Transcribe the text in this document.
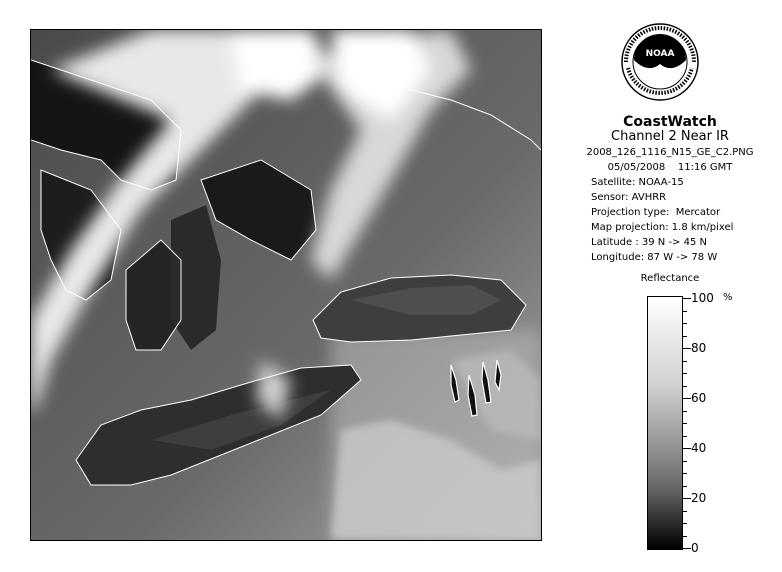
NOAA
CoastWatch
Channel 2 Near IR
2008_126_1116_N15_GE_C2.PNG
05/05/2008    11:16 GMT
Satellite: NOAA-15
Sensor: AVHRR
Projection type:  Mercator
Map projection: 1.8 km/pixel
Latitude : 39 N -> 45 N
Longitude: 87 W -> 78 W
Reflectance
%
100
80
60
40
20
0
